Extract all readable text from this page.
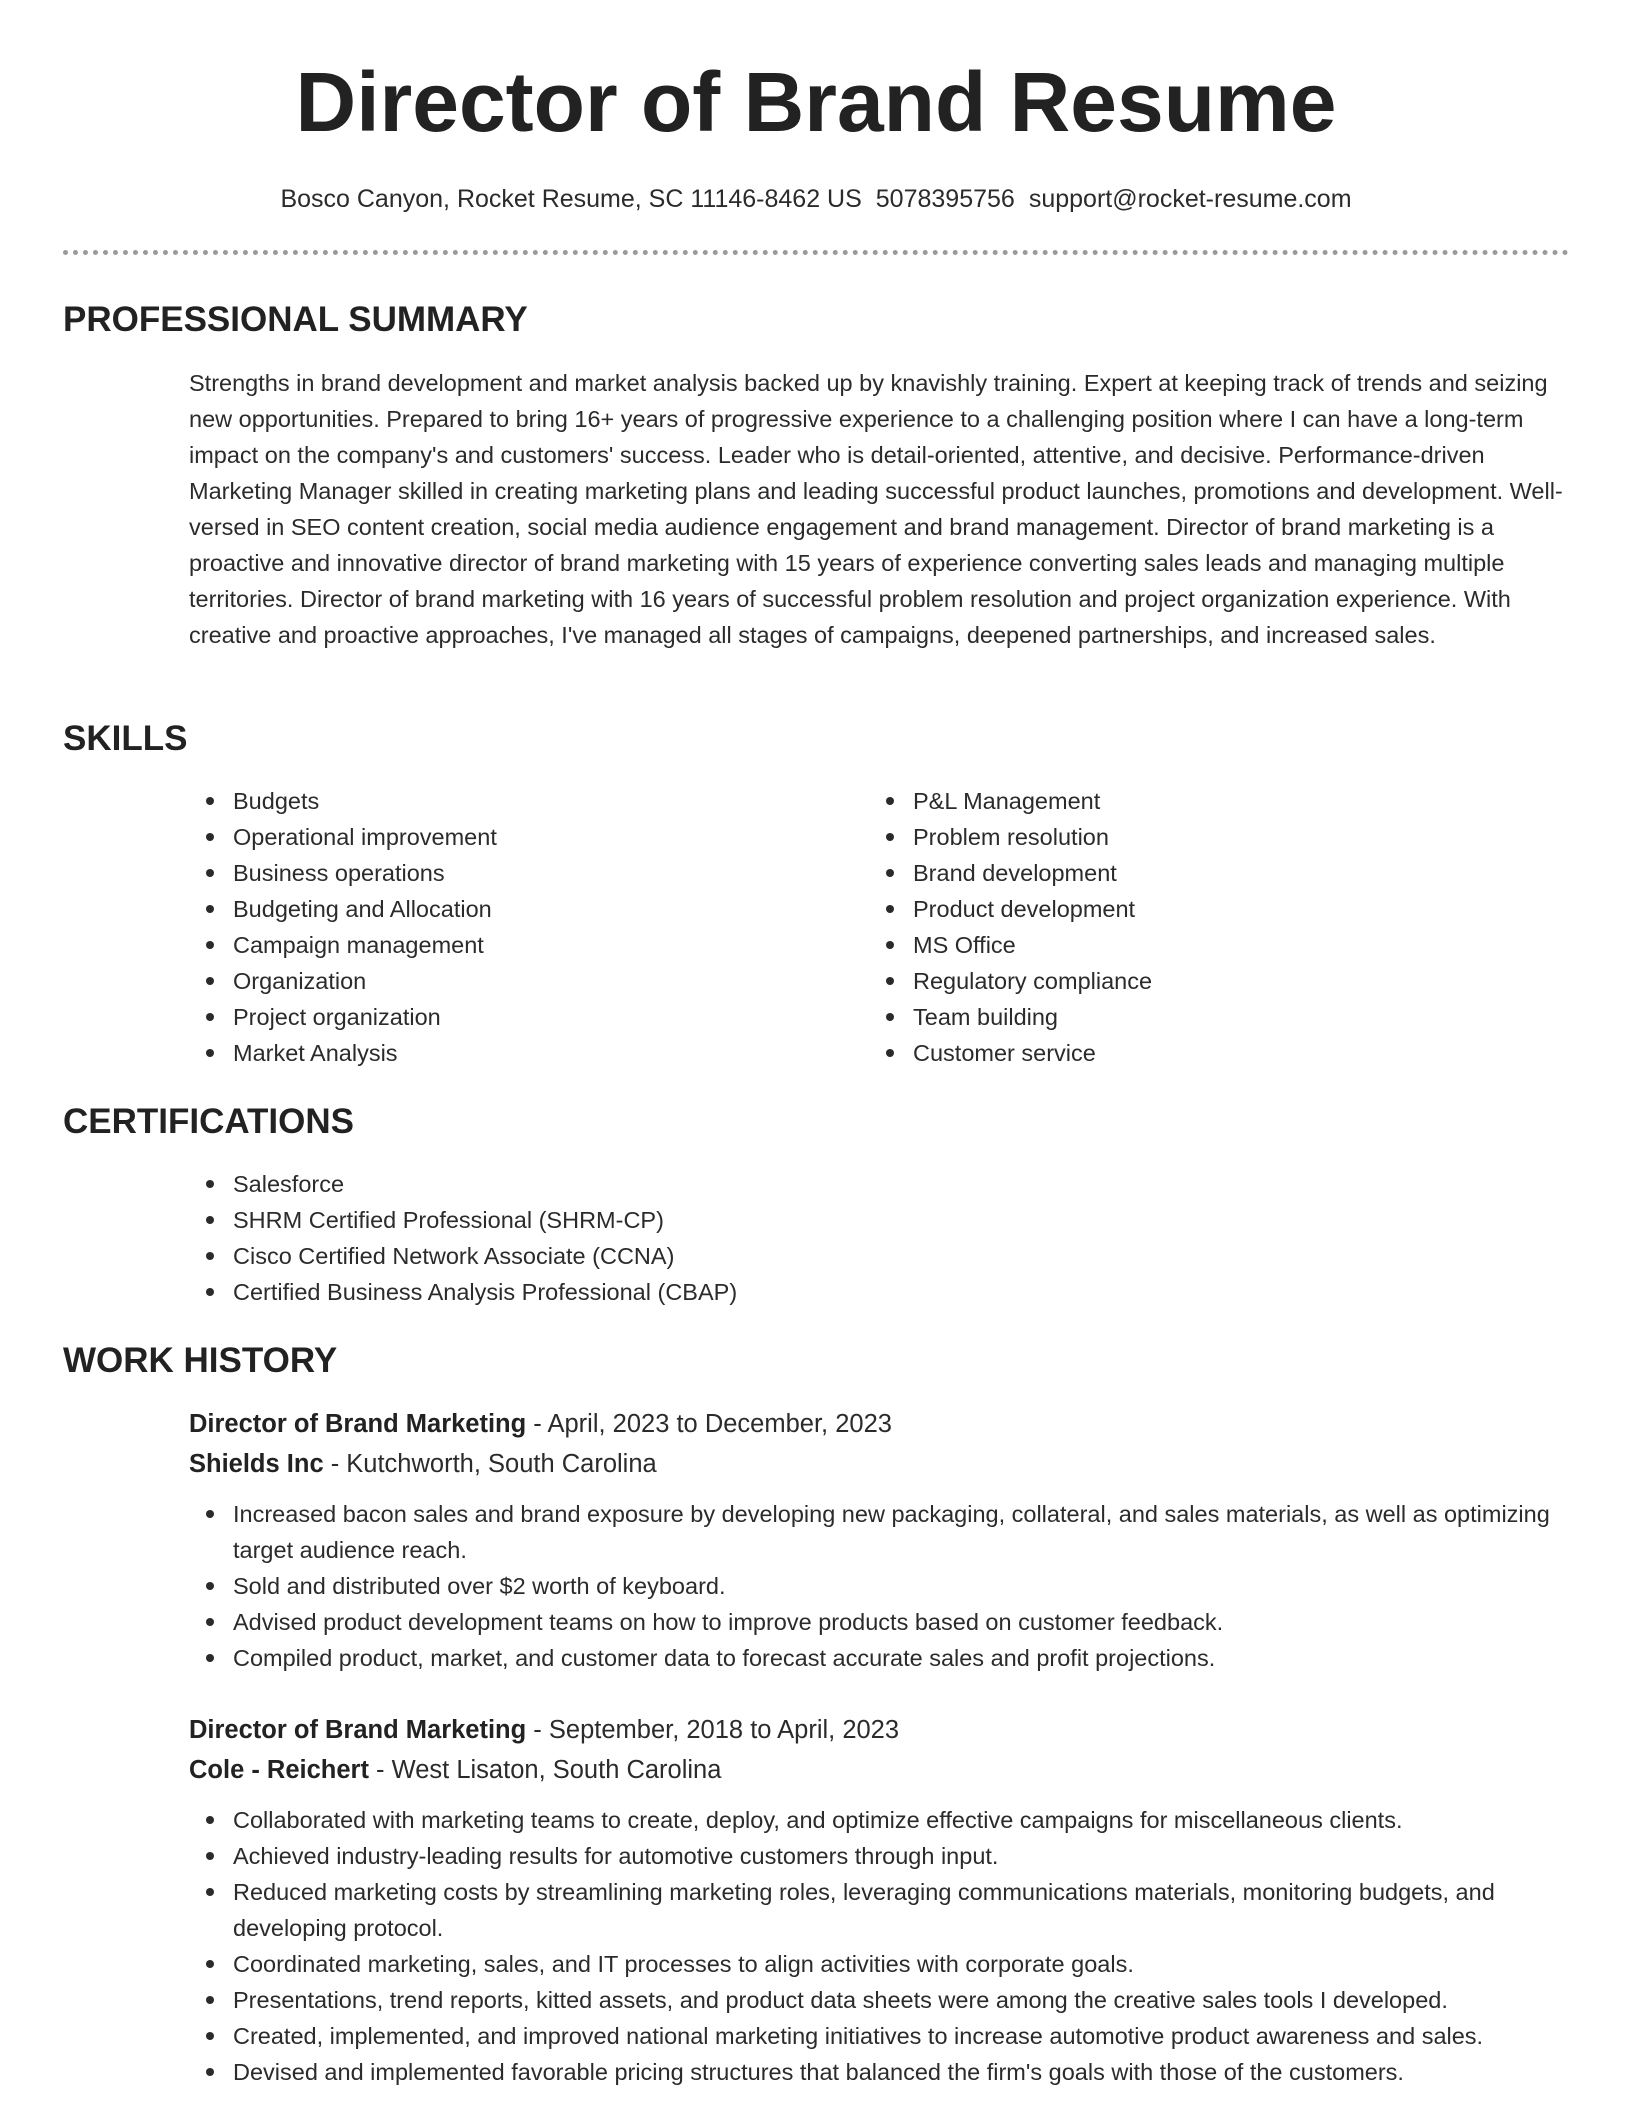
Director of Brand Resume
Bosco Canyon, Rocket Resume, SC 11146-8462 US 5078395756 support@rocket-resume.com
PROFESSIONAL SUMMARY
Strengths in brand development and market analysis backed up by knavishly training. Expert at keeping track of trends and seizing new opportunities. Prepared to bring 16+ years of progressive experience to a challenging position where I can have a long-term impact on the company's and customers' success. Leader who is detail-oriented, attentive, and decisive. Performance-driven Marketing Manager skilled in creating marketing plans and leading successful product launches, promotions and development. Well-versed in SEO content creation, social media audience engagement and brand management. Director of brand marketing is a proactive and innovative director of brand marketing with 15 years of experience converting sales leads and managing multiple territories. Director of brand marketing with 16 years of successful problem resolution and project organization experience. With creative and proactive approaches, I've managed all stages of campaigns, deepened partnerships, and increased sales.
SKILLS
Budgets
Operational improvement
Business operations
Budgeting and Allocation
Campaign management
Organization
Project organization
Market Analysis
P&L Management
Problem resolution
Brand development
Product development
MS Office
Regulatory compliance
Team building
Customer service
CERTIFICATIONS
Salesforce
SHRM Certified Professional (SHRM-CP)
Cisco Certified Network Associate (CCNA)
Certified Business Analysis Professional (CBAP)
WORK HISTORY
Director of Brand Marketing - April, 2023 to December, 2023
Shields Inc - Kutchworth, South Carolina
Increased bacon sales and brand exposure by developing new packaging, collateral, and sales materials, as well as optimizing target audience reach.
Sold and distributed over $2 worth of keyboard.
Advised product development teams on how to improve products based on customer feedback.
Compiled product, market, and customer data to forecast accurate sales and profit projections.
Director of Brand Marketing - September, 2018 to April, 2023
Cole - Reichert - West Lisaton, South Carolina
Collaborated with marketing teams to create, deploy, and optimize effective campaigns for miscellaneous clients.
Achieved industry-leading results for automotive customers through input.
Reduced marketing costs by streamlining marketing roles, leveraging communications materials, monitoring budgets, and developing protocol.
Coordinated marketing, sales, and IT processes to align activities with corporate goals.
Presentations, trend reports, kitted assets, and product data sheets were among the creative sales tools I developed.
Created, implemented, and improved national marketing initiatives to increase automotive product awareness and sales.
Devised and implemented favorable pricing structures that balanced the firm's goals with those of the customers.
